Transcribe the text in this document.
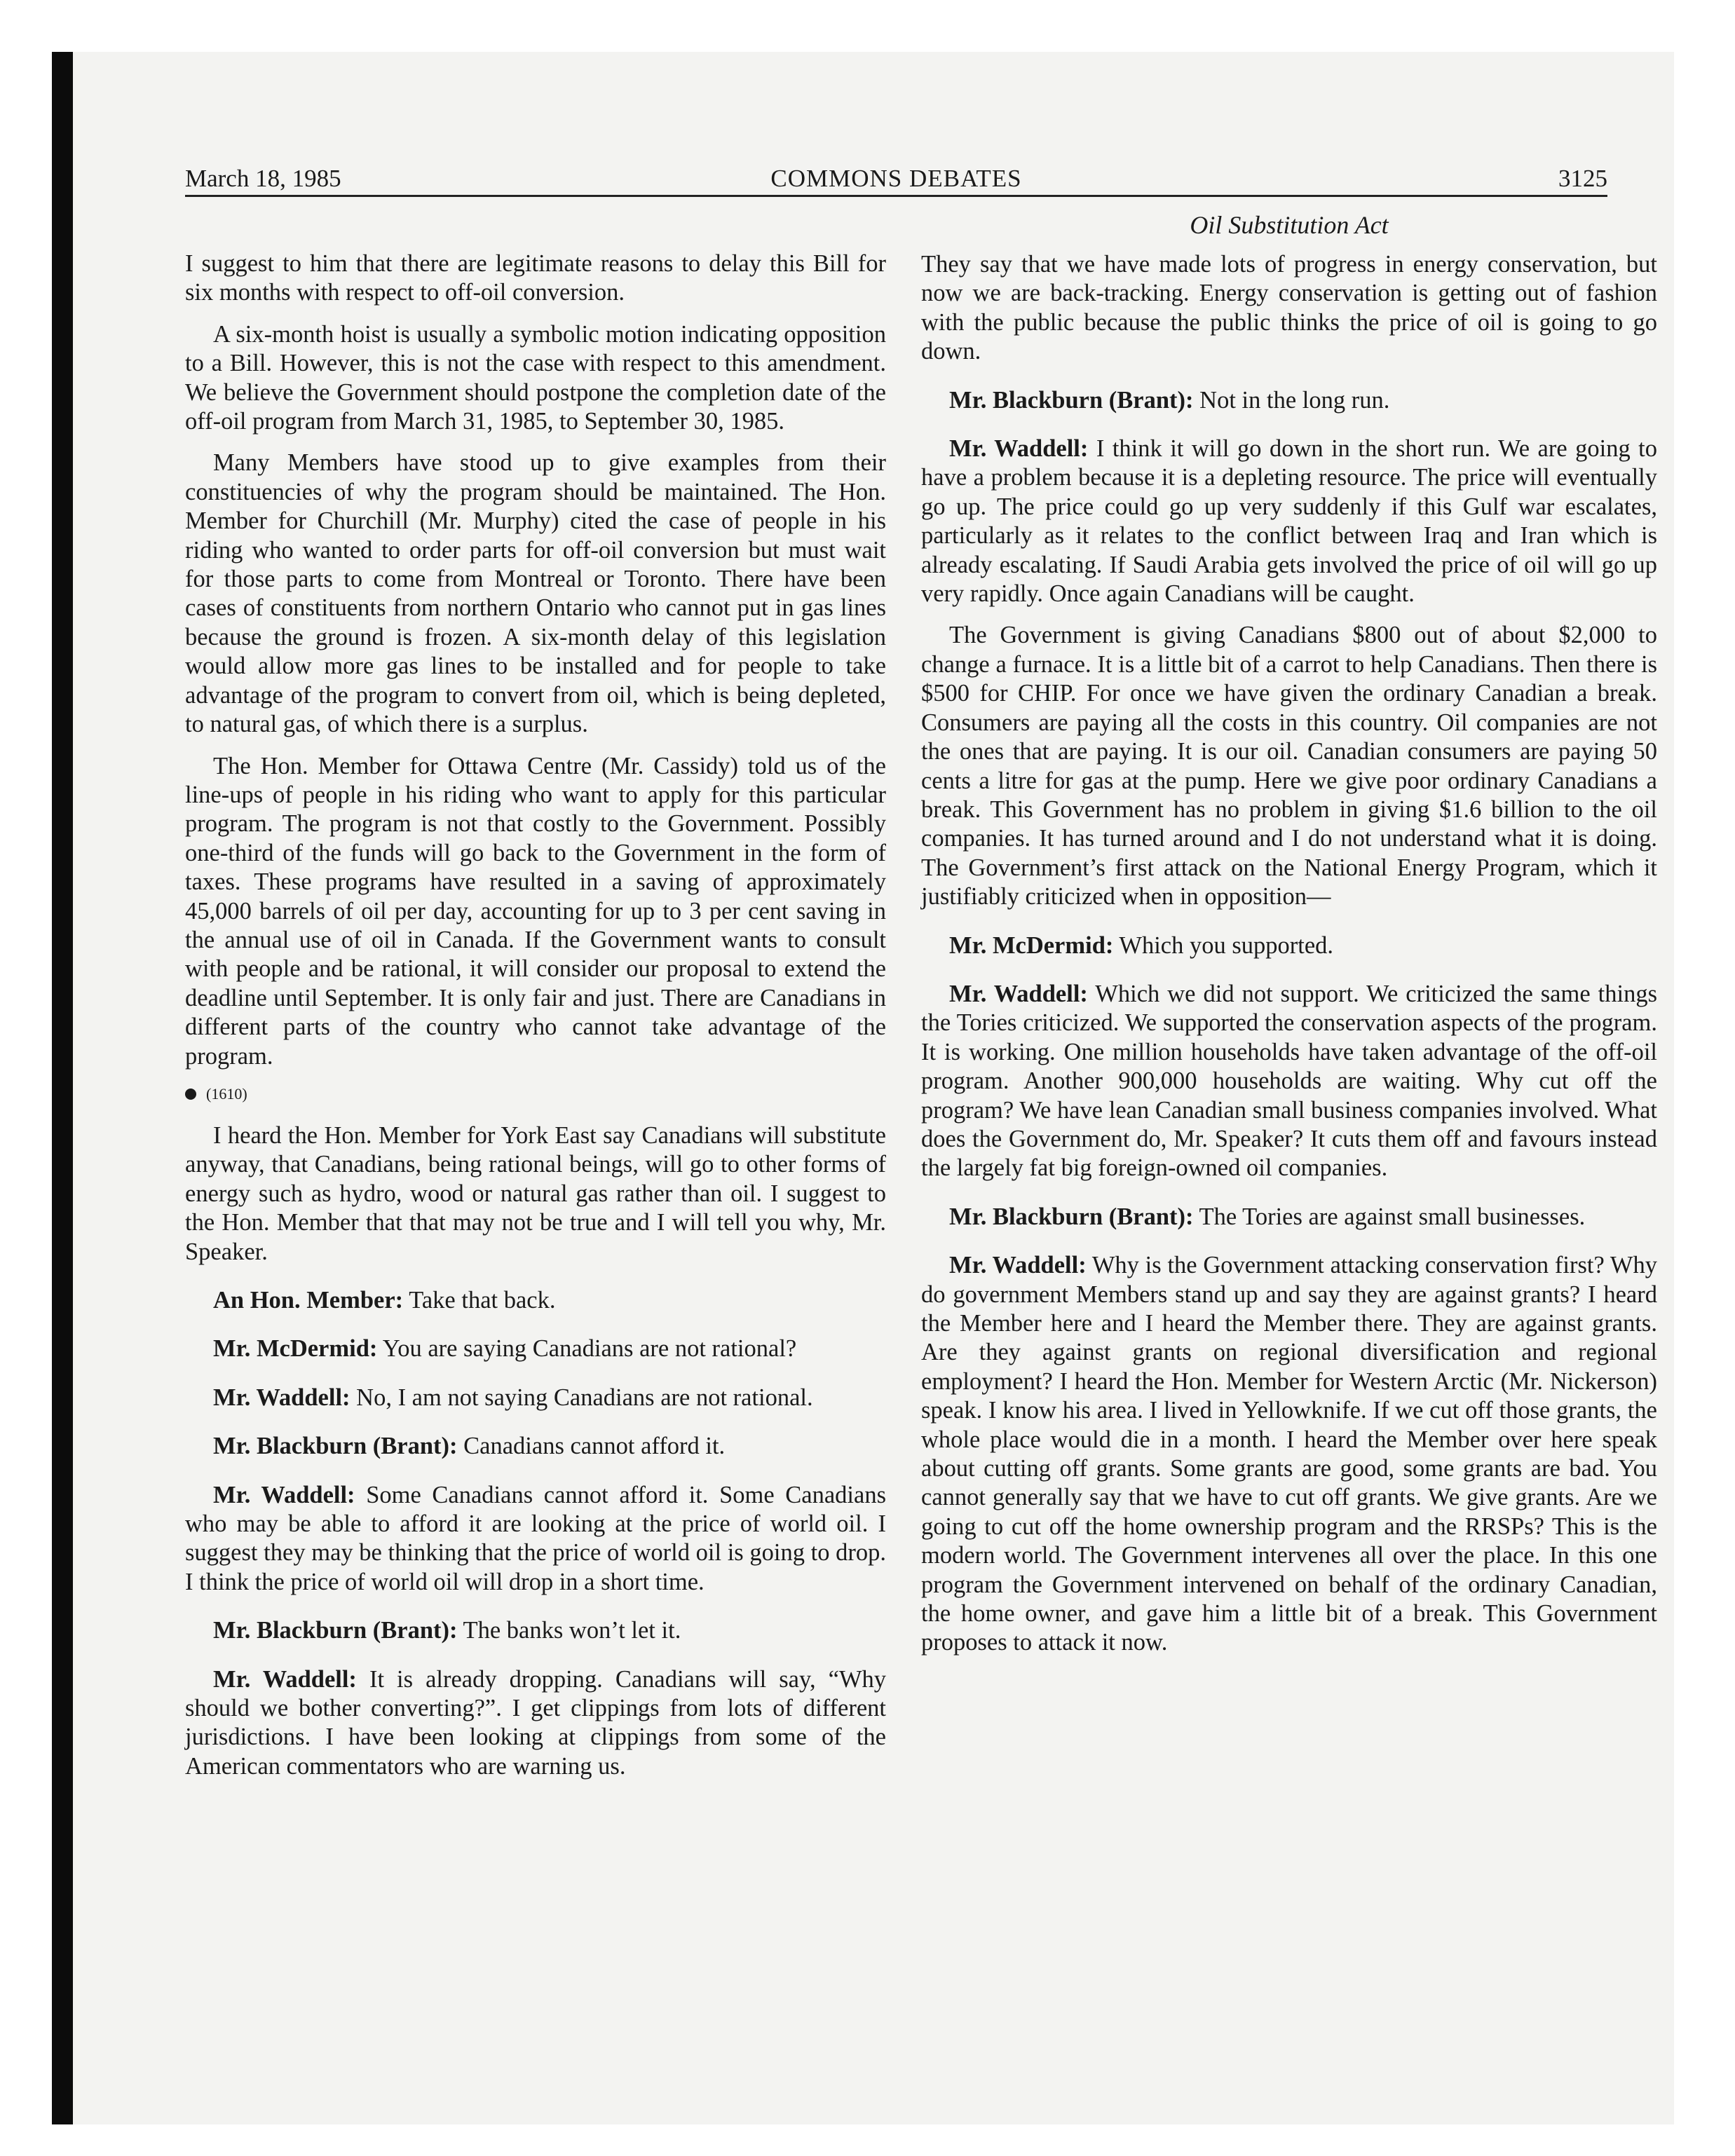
March 18, 1985	COMMONS DEBATES	3125
Oil Substitution Act

I suggest to him that there are legitimate reasons to delay this Bill for six months with respect to off-oil conversion.

A six-month hoist is usually a symbolic motion indicating opposition to a Bill. However, this is not the case with respect to this amendment. We believe the Government should postpone the completion date of the off-oil program from March 31, 1985, to September 30, 1985.

Many Members have stood up to give examples from their constituencies of why the program should be maintained. The Hon. Member for Churchill (Mr. Murphy) cited the case of people in his riding who wanted to order parts for off-oil conversion but must wait for those parts to come from Montreal or Toronto. There have been cases of constituents from northern Ontario who cannot put in gas lines because the ground is frozen. A six-month delay of this legislation would allow more gas lines to be installed and for people to take advantage of the program to convert from oil, which is being depleted, to natural gas, of which there is a surplus.

The Hon. Member for Ottawa Centre (Mr. Cassidy) told us of the line-ups of people in his riding who want to apply for this particular program. The program is not that costly to the Government. Possibly one-third of the funds will go back to the Government in the form of taxes. These programs have resulted in a saving of approximately 45,000 barrels of oil per day, accounting for up to 3 per cent saving in the annual use of oil in Canada. If the Government wants to consult with people and be rational, it will consider our proposal to extend the deadline until September. It is only fair and just. There are Canadians in different parts of the country who cannot take advantage of the program.

(1610)

I heard the Hon. Member for York East say Canadians will substitute anyway, that Canadians, being rational beings, will go to other forms of energy such as hydro, wood or natural gas rather than oil. I suggest to the Hon. Member that that may not be true and I will tell you why, Mr. Speaker.

An Hon. Member: Take that back.

Mr. McDermid: You are saying Canadians are not rational?

Mr. Waddell: No, I am not saying Canadians are not rational.

Mr. Blackburn (Brant): Canadians cannot afford it.

Mr. Waddell: Some Canadians cannot afford it. Some Canadians who may be able to afford it are looking at the price of world oil. I suggest they may be thinking that the price of world oil is going to drop. I think the price of world oil will drop in a short time.

Mr. Blackburn (Brant): The banks won’t let it.

Mr. Waddell: It is already dropping. Canadians will say, “Why should we bother converting?”. I get clippings from lots of different jurisdictions. I have been looking at clippings from some of the American commentators who are warning us.

They say that we have made lots of progress in energy conservation, but now we are back-tracking. Energy conservation is getting out of fashion with the public because the public thinks the price of oil is going to go down.

Mr. Blackburn (Brant): Not in the long run.

Mr. Waddell: I think it will go down in the short run. We are going to have a problem because it is a depleting resource. The price will eventually go up. The price could go up very suddenly if this Gulf war escalates, particularly as it relates to the conflict between Iraq and Iran which is already escalating. If Saudi Arabia gets involved the price of oil will go up very rapidly. Once again Canadians will be caught.

The Government is giving Canadians $800 out of about $2,000 to change a furnace. It is a little bit of a carrot to help Canadians. Then there is $500 for CHIP. For once we have given the ordinary Canadian a break. Consumers are paying all the costs in this country. Oil companies are not the ones that are paying. It is our oil. Canadian consumers are paying 50 cents a litre for gas at the pump. Here we give poor ordinary Canadians a break. This Government has no problem in giving $1.6 billion to the oil companies. It has turned around and I do not understand what it is doing. The Government’s first attack on the National Energy Program, which it justifiably criticized when in opposition—

Mr. McDermid: Which you supported.

Mr. Waddell: Which we did not support. We criticized the same things the Tories criticized. We supported the conservation aspects of the program. It is working. One million households have taken advantage of the off-oil program. Another 900,000 households are waiting. Why cut off the program? We have lean Canadian small business companies involved. What does the Government do, Mr. Speaker? It cuts them off and favours instead the largely fat big foreign-owned oil companies.

Mr. Blackburn (Brant): The Tories are against small businesses.

Mr. Waddell: Why is the Government attacking conservation first? Why do government Members stand up and say they are against grants? I heard the Member here and I heard the Member there. They are against grants. Are they against grants on regional diversification and regional employment? I heard the Hon. Member for Western Arctic (Mr. Nickerson) speak. I know his area. I lived in Yellowknife. If we cut off those grants, the whole place would die in a month. I heard the Member over here speak about cutting off grants. Some grants are good, some grants are bad. You cannot generally say that we have to cut off grants. We give grants. Are we going to cut off the home ownership program and the RRSPs? This is the modern world. The Government intervenes all over the place. In this one program the Government intervened on behalf of the ordinary Canadian, the home owner, and gave him a little bit of a break. This Government proposes to attack it now.
